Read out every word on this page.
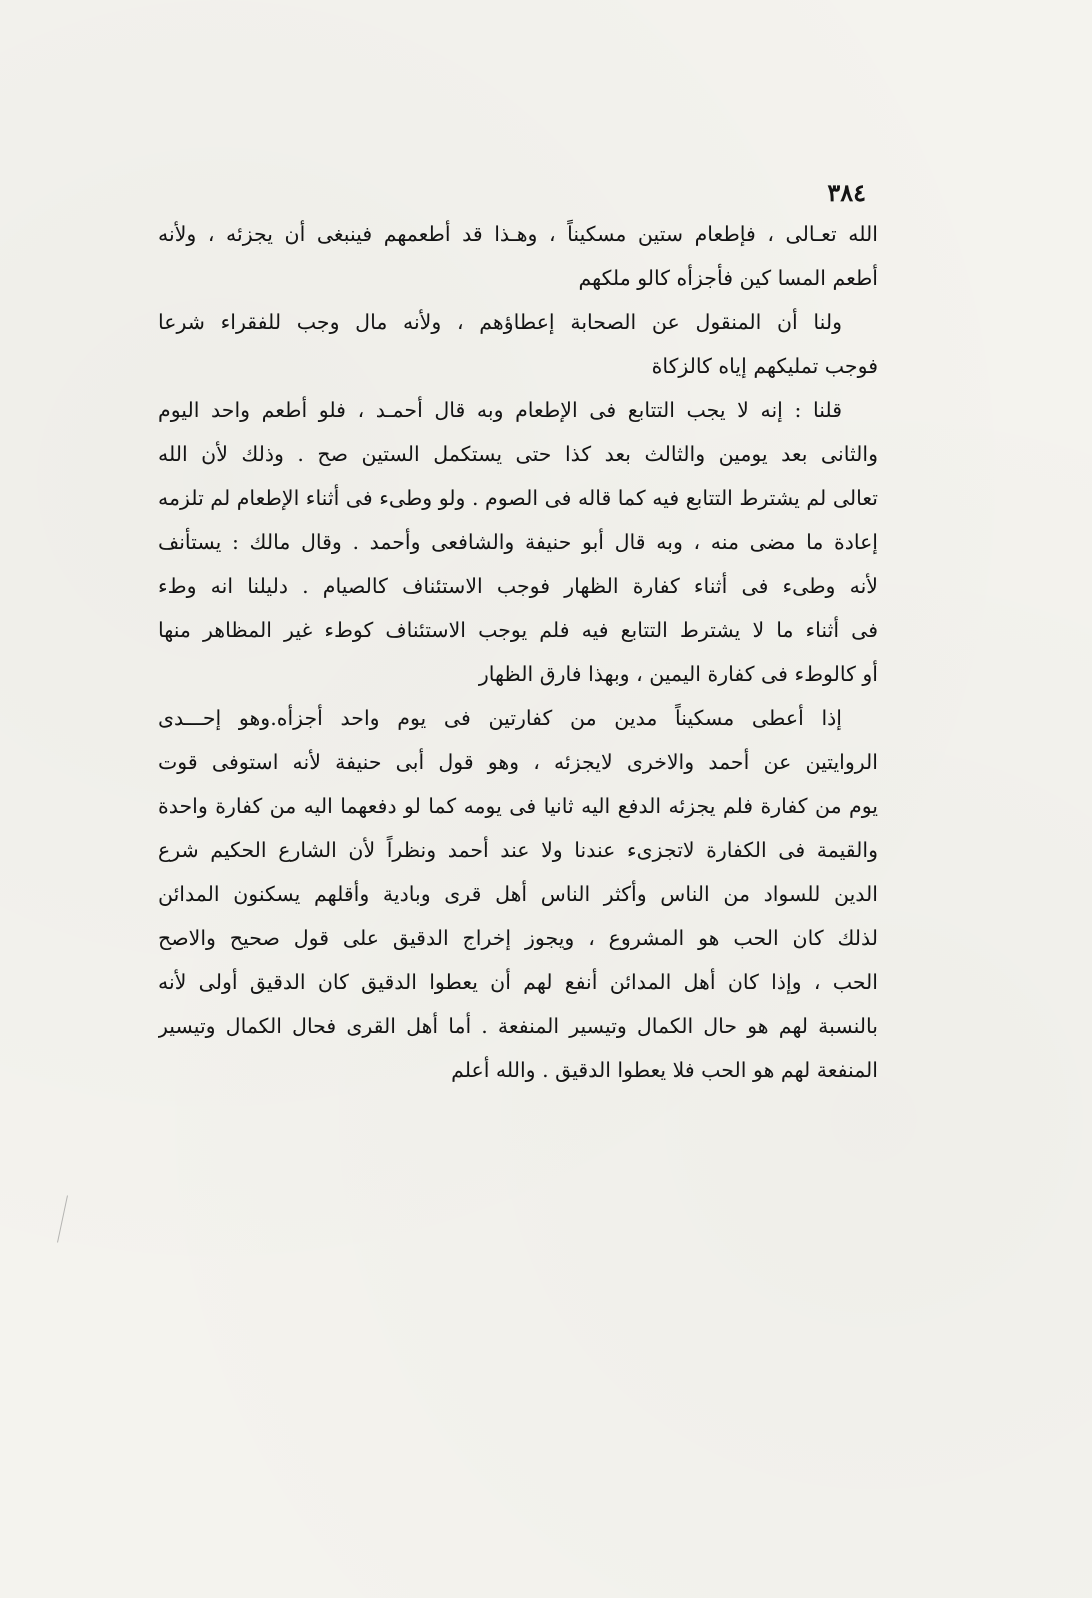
٣٨٤
الله تعـالى ، فإطعام ستين مسكيناً ، وهـذا قد أطعمهم فينبغى أن يجزئه ، ولأنه
أطعم المسا كين فأجزأه كالو ملكهم
ولنا أن المنقول عن الصحابة إعطاؤهم ، ولأنه مال وجب للفقراء شرعا
فوجب تمليكهم إياه كالزكاة
قلنا : إنه لا يجب التتابع فى الإطعام وبه قال أحمـد ، فلو أطعم واحد اليوم
والثانى بعد يومين والثالث بعد كذا حتى يستكمل الستين صح . وذلك لأن الله
تعالى لم يشترط التتابع فيه كما قاله فى الصوم . ولو وطىء فى أثناء الإطعام لم تلزمه
إعادة ما مضى منه ، وبه قال أبو حنيفة والشافعى وأحمد . وقال مالك : يستأنف
لأنه وطىء فى أثناء كفارة الظهار فوجب الاستئناف كالصيام . دليلنا انه وطء
فى أثناء ما لا يشترط التتابع فيه فلم يوجب الاستئناف كوطء غير المظاهر منها
أو كالوطء فى كفارة اليمين ، وبهذا فارق الظهار
إذا أعطى مسكيناً مدين من كفارتين فى يوم واحد أجزأه.وهو إحـــدى
الروايتين عن أحمد والاخرى لايجزئه ، وهو قول أبى حنيفة لأنه استوفى قوت
يوم من كفارة فلم يجزئه الدفع اليه ثانيا فى يومه كما لو دفعهما اليه من كفارة واحدة
والقيمة فى الكفارة لاتجزىء عندنا ولا عند أحمد ونظراً لأن الشارع الحكيم شرع
الدين للسواد من الناس وأكثر الناس أهل قرى وبادية وأقلهم يسكنون المدائن
لذلك كان الحب هو المشروع ، ويجوز إخراج الدقيق على قول صحيح والاصح
الحب ، وإذا كان أهل المدائن أنفع لهم أن يعطوا الدقيق كان الدقيق أولى لأنه
بالنسبة لهم هو حال الكمال وتيسير المنفعة . أما أهل القرى فحال الكمال وتيسير
المنفعة لهم هو الحب فلا يعطوا الدقيق . والله أعلم
